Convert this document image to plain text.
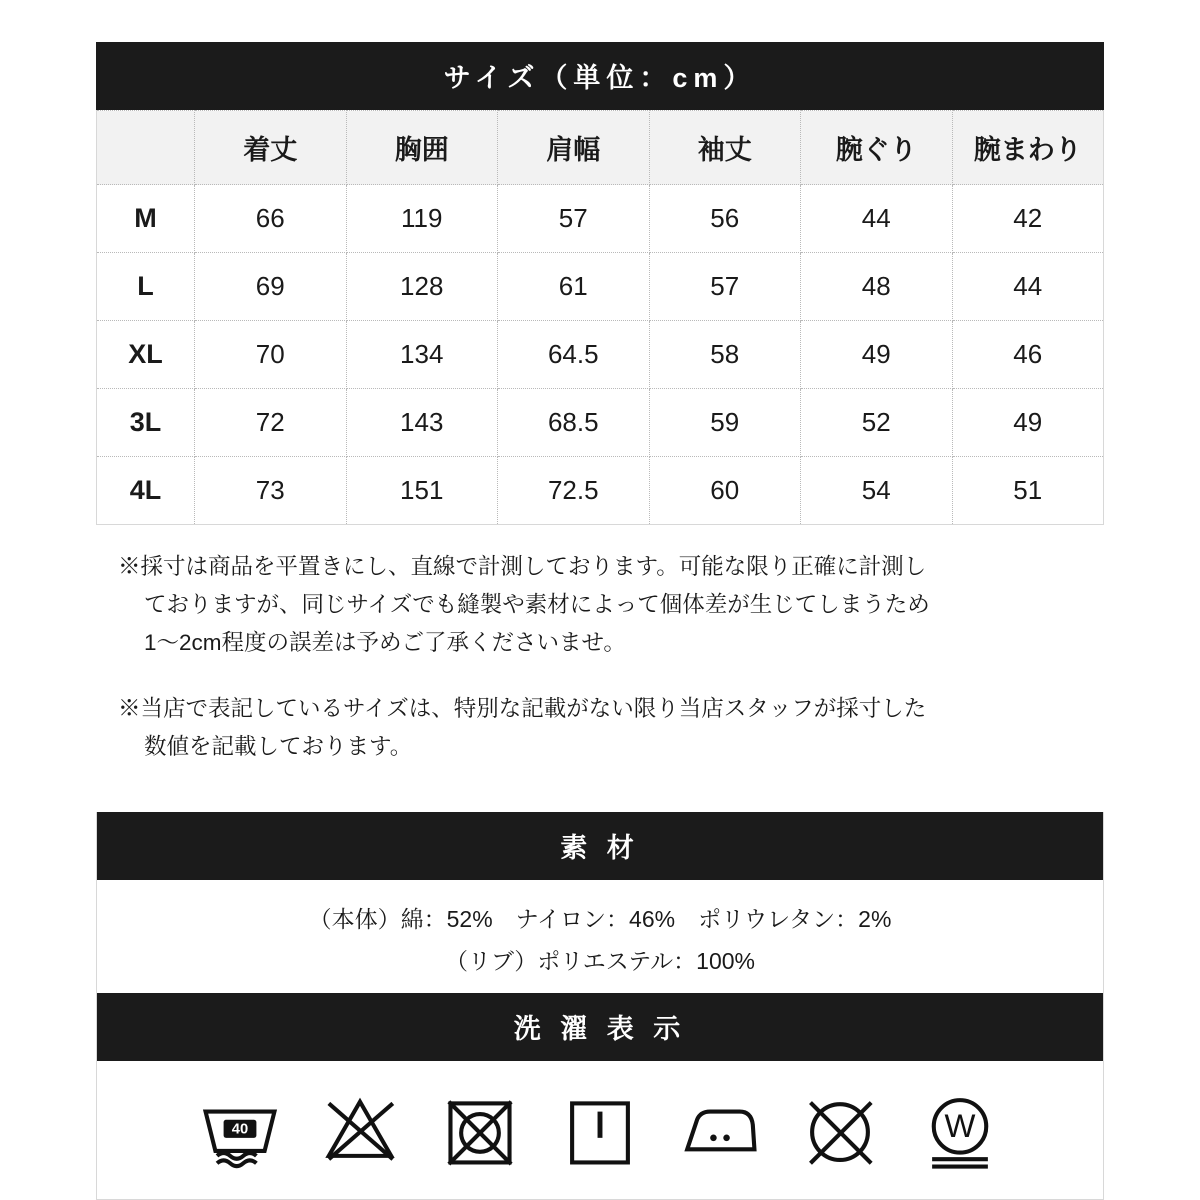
サイズ（単位：cm）
	着丈	胸囲	肩幅	袖丈	腕ぐり	腕まわり
M	66	119	57	56	44	42
L	69	128	61	57	48	44
XL	70	134	64.5	58	49	46
3L	72	143	68.5	59	52	49
4L	73	151	72.5	60	54	51
※採寸は商品を平置きにし、直線で計測しております。可能な限り正確に計測し
ておりますが、同じサイズでも縫製や素材によって個体差が生じてしまうため
1〜2cm程度の誤差は予めご了承くださいませ。
※当店で表記しているサイズは、特別な記載がない限り当店スタッフが採寸した
数値を記載しております。
素 材
（本体）綿：52%　ナイロン：46%　ポリウレタン：2%
（リブ）ポリエステル：100%
洗 濯 表 示
40	W
